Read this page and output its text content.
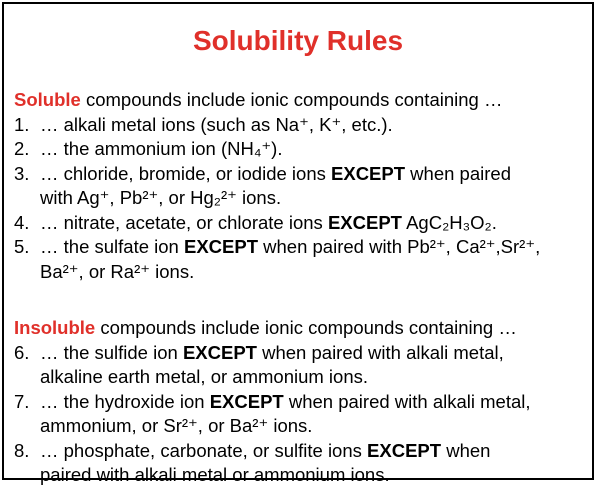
Solubility Rules
Soluble compounds include ionic compounds containing …
1. … alkali metal ions (such as Na⁺, K⁺, etc.).
2. … the ammonium ion (NH₄⁺).
3. … chloride, bromide, or iodide ions EXCEPT when paired
with Ag⁺, Pb²⁺, or Hg₂²⁺ ions.
4. … nitrate, acetate, or chlorate ions EXCEPT AgC₂H₃O₂.
5. … the sulfate ion EXCEPT when paired with Pb²⁺, Ca²⁺,Sr²⁺,
Ba²⁺, or Ra²⁺ ions.
Insoluble compounds include ionic compounds containing …
6. … the sulfide ion EXCEPT when paired with alkali metal,
alkaline earth metal, or ammonium ions.
7. … the hydroxide ion EXCEPT when paired with alkali metal,
ammonium, or Sr²⁺, or Ba²⁺ ions.
8. … phosphate, carbonate, or sulfite ions EXCEPT when
paired with alkali metal or ammonium ions.
